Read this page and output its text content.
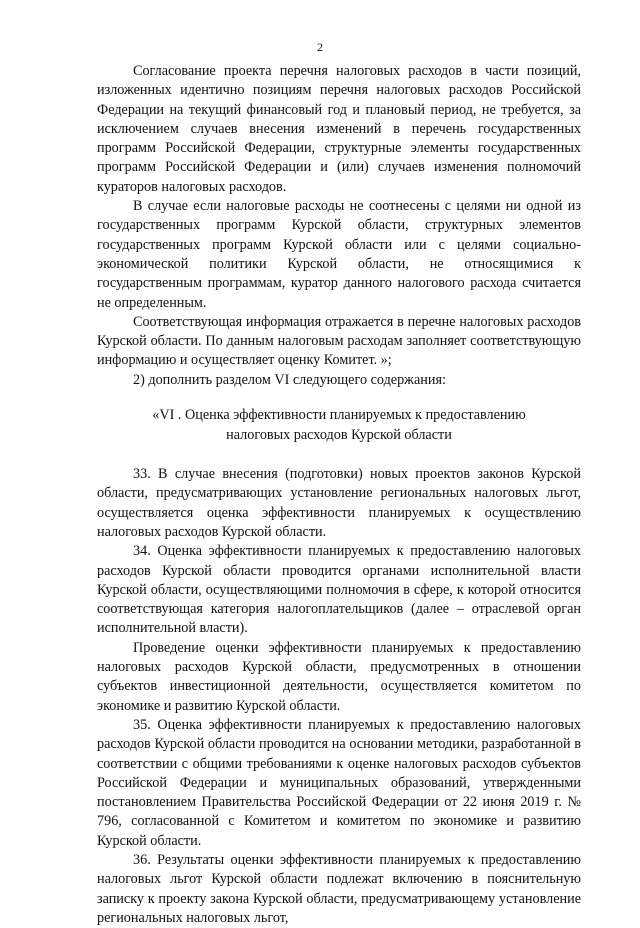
2

Согласование проекта перечня налоговых расходов в части позиций, изложенных идентично позициям перечня налоговых расходов Российской Федерации на текущий финансовый год и плановый период, не требуется, за исключением случаев внесения изменений в перечень государственных программ Российской Федерации, структурные элементы государственных программ Российской Федерации и (или) случаев изменения полномочий кураторов налоговых расходов.

В случае если налоговые расходы не соотнесены с целями ни одной из государственных программ Курской области, структурных элементов государственных программ Курской области или с целями социально-экономической политики Курской области, не относящимися к государственным программам, куратор данного налогового расхода считается не определенным.

Соответствующая информация отражается в перечне налоговых расходов Курской области. По данным налоговым расходам заполняет соответствующую информацию и осуществляет оценку Комитет. »;

2) дополнить разделом VI следующего содержания:

«VI . Оценка эффективности планируемых к предоставлению
налоговых расходов Курской области

33. В случае внесения (подготовки) новых проектов законов Курской области, предусматривающих установление региональных налоговых льгот, осуществляется оценка эффективности планируемых к осуществлению налоговых расходов Курской области.

34. Оценка эффективности планируемых к предоставлению налоговых расходов Курской области проводится органами исполнительной власти Курской области, осуществляющими полномочия в сфере, к которой относится соответствующая категория налогоплательщиков (далее – отраслевой орган исполнительной власти).

Проведение оценки эффективности планируемых к предоставлению налоговых расходов Курской области, предусмотренных в отношении субъектов инвестиционной деятельности, осуществляется комитетом по экономике и развитию Курской области.

35. Оценка эффективности планируемых к предоставлению налоговых расходов Курской области проводится на основании методики, разработанной в соответствии с общими требованиями к оценке налоговых расходов субъектов Российской Федерации и муниципальных образований, утвержденными постановлением Правительства Российской Федерации от 22 июня 2019 г. № 796, согласованной с Комитетом и комитетом по экономике и развитию Курской области.

36. Результаты оценки эффективности планируемых к предоставлению налоговых льгот Курской области подлежат включению в пояснительную записку к проекту закона Курской области, предусматривающему установление региональных налоговых льгот,
